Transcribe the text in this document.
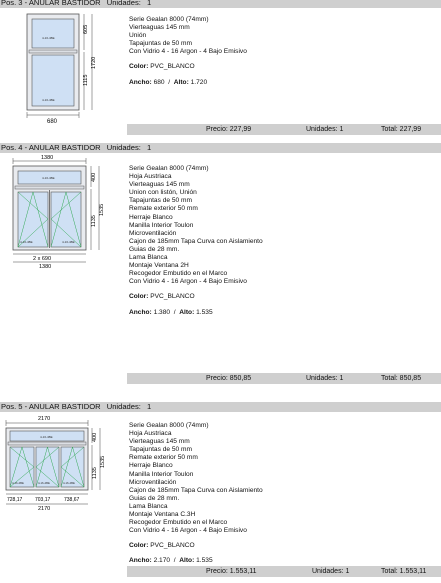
Pos. 3 - ANULAR BASTIDOR Unidades: 1
4-16-4BE
4-16-4BE
605
1115
1720
680
Serie Gealan 8000 (74mm)
Vierteaguas 145 mm
Unión
Tapajuntas de 50 mm
Con Vidrio 4 - 16 Argon - 4 Bajo Emisivo
Color: PVC_BLANCO
Ancho: 680 / Alto: 1.720
Precio: 227,99	Unidades: 1	Total: 227,99
Pos. 4 - ANULAR BASTIDOR Unidades: 1
1380
4-16-4BE
4-16-4BE	4-16-4BE
400
1135
1535
2 x 690
1380
Serie Gealan 8000 (74mm)
Hoja Austriaca
Vierteaguas 145 mm
Union con listón, Unión
Tapajuntas de 50 mm
Remate exterior 50 mm
Herraje Blanco
Manilla Interior Toulon
Microventilación
Cajon de 185mm Tapa Curva con Aislamiento
Guias de 28 mm.
Lama Blanca
Montaje Ventana 2H
Recogedor Embutido en el Marco
Con Vidrio 4 - 16 Argon - 4 Bajo Emisivo
Color: PVC_BLANCO
Ancho: 1.380 / Alto: 1.535
Precio: 850,85	Unidades: 1	Total: 850,85
Pos. 5 - ANULAR BASTIDOR Unidades: 1
2170
4-16-4BE
4-16-4BE	4-16-4BE	4-16-4BE
400
1135
1535
728,17	703,17	738,67
2170
Serie Gealan 8000 (74mm)
Hoja Austriaca
Vierteaguas 145 mm
Tapajuntas de 50 mm
Remate exterior 50 mm
Herraje Blanco
Manilla Interior Toulon
Microventilación
Cajon de 185mm Tapa Curva con Aislamiento
Guias de 28 mm.
Lama Blanca
Montaje Ventana C.3H
Recogedor Embutido en el Marco
Con Vidrio 4 - 16 Argon - 4 Bajo Emisivo
Color: PVC_BLANCO
Ancho: 2.170 / Alto: 1.535
Precio: 1.553,11	Unidades: 1	Total: 1.553,11
